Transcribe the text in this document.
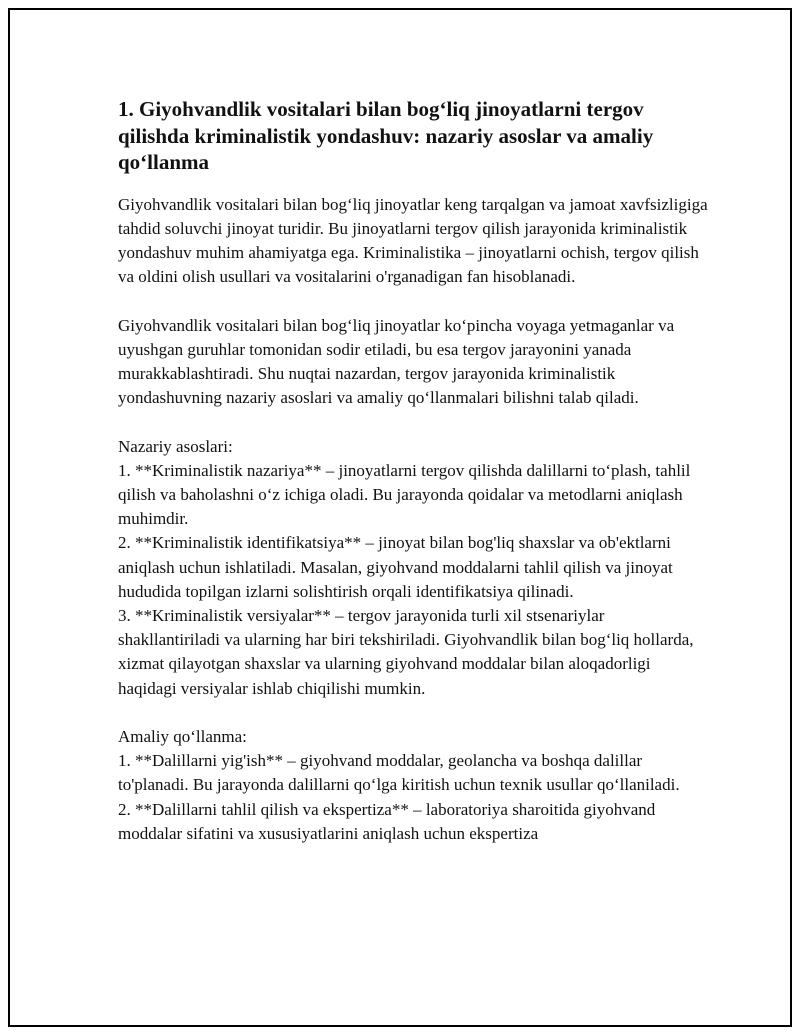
1. Giyohvandlik vositalari bilan bog‘liq jinoyatlarni tergov qilishda kriminalistik yondashuv: nazariy asoslar va amaliy qo‘llanma

Giyohvandlik vositalari bilan bog‘liq jinoyatlar keng tarqalgan va jamoat xavfsizligiga tahdid soluvchi jinoyat turidir. Bu jinoyatlarni tergov qilish jarayonida kriminalistik yondashuv muhim ahamiyatga ega. Kriminalistika – jinoyatlarni ochish, tergov qilish va oldini olish usullari va vositalarini o'rganadigan fan hisoblanadi.

Giyohvandlik vositalari bilan bog‘liq jinoyatlar ko‘pincha voyaga yetmaganlar va uyushgan guruhlar tomonidan sodir etiladi, bu esa tergov jarayonini yanada murakkablashtiradi. Shu nuqtai nazardan, tergov jarayonida kriminalistik yondashuvning nazariy asoslari va amaliy qo‘llanmalari bilishni talab qiladi.

Nazariy asoslari:
1. **Kriminalistik nazariya** – jinoyatlarni tergov qilishda dalillarni to‘plash, tahlil qilish va baholashni o‘z ichiga oladi. Bu jarayonda qoidalar va metodlarni aniqlash muhimdir.
2. **Kriminalistik identifikatsiya** – jinoyat bilan bog'liq shaxslar va ob'ektlarni aniqlash uchun ishlatiladi. Masalan, giyohvand moddalarni tahlil qilish va jinoyat hududida topilgan izlarni solishtirish orqali identifikatsiya qilinadi.
3. **Kriminalistik versiyalar** – tergov jarayonida turli xil stsenariylar shakllantiriladi va ularning har biri tekshiriladi. Giyohvandlik bilan bog‘liq hollarda, xizmat qilayotgan shaxslar va ularning giyohvand moddalar bilan aloqadorligi haqidagi versiyalar ishlab chiqilishi mumkin.

Amaliy qo‘llanma:
1. **Dalillarni yig'ish** – giyohvand moddalar, geolancha va boshqa dalillar to'planadi. Bu jarayonda dalillarni qo‘lga kiritish uchun texnik usullar qo‘llaniladi.
2. **Dalillarni tahlil qilish va ekspertiza** – laboratoriya sharoitida giyohvand moddalar sifatini va xususiyatlarini aniqlash uchun ekspertiza
